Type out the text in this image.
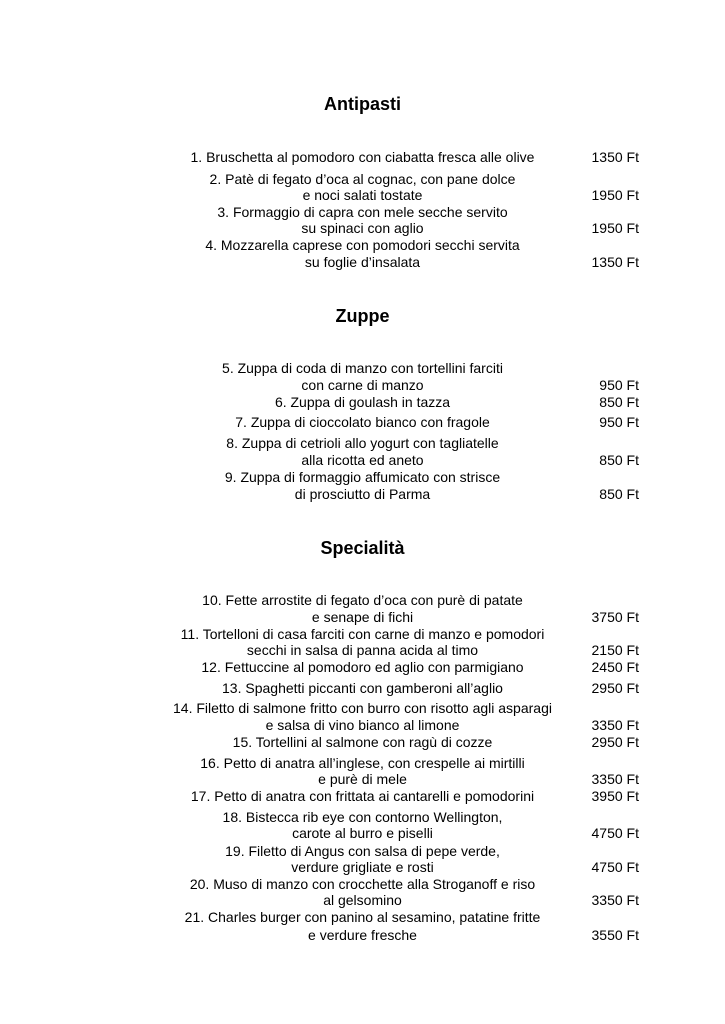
Antipasti
1. Bruschetta al pomodoro con ciabatta fresca alle olive	1350 Ft
2. Patè di fegato d’oca al cognac, con pane dolce
e noci salati tostate	1950 Ft
3. Formaggio di capra con mele secche servito
su spinaci con aglio	1950 Ft
4. Mozzarella caprese con pomodori secchi servita
su foglie d’insalata	1350 Ft
Zuppe
5. Zuppa di coda di manzo con tortellini farciti
con carne di manzo	950 Ft
6. Zuppa di goulash in tazza	850 Ft
7. Zuppa di cioccolato bianco con fragole	950 Ft
8. Zuppa di cetrioli allo yogurt con tagliatelle
alla ricotta ed aneto	850 Ft
9. Zuppa di formaggio affumicato con strisce
di prosciutto di Parma	850 Ft
Specialità
10. Fette arrostite di fegato d’oca con purè di patate
e senape di fichi	3750 Ft
11. Tortelloni di casa farciti con carne di manzo e pomodori
secchi in salsa di panna acida al timo	2150 Ft
12. Fettuccine al pomodoro ed aglio con parmigiano	2450 Ft
13. Spaghetti piccanti con gamberoni all’aglio	2950 Ft
14. Filetto di salmone fritto con burro con risotto agli asparagi
e salsa di vino bianco al limone	3350 Ft
15. Tortellini al salmone con ragù di cozze	2950 Ft
16. Petto di anatra all’inglese, con crespelle ai mirtilli
e purè di mele	3350 Ft
17. Petto di anatra con frittata ai cantarelli e pomodorini	3950 Ft
18. Bistecca rib eye con contorno Wellington,
carote al burro e piselli	4750 Ft
19. Filetto di Angus con salsa di pepe verde,
verdure grigliate e rosti	4750 Ft
20. Muso di manzo con crocchette alla Stroganoff e riso
al gelsomino	3350 Ft
21. Charles burger con panino al sesamino, patatine fritte
e verdure fresche	3550 Ft
